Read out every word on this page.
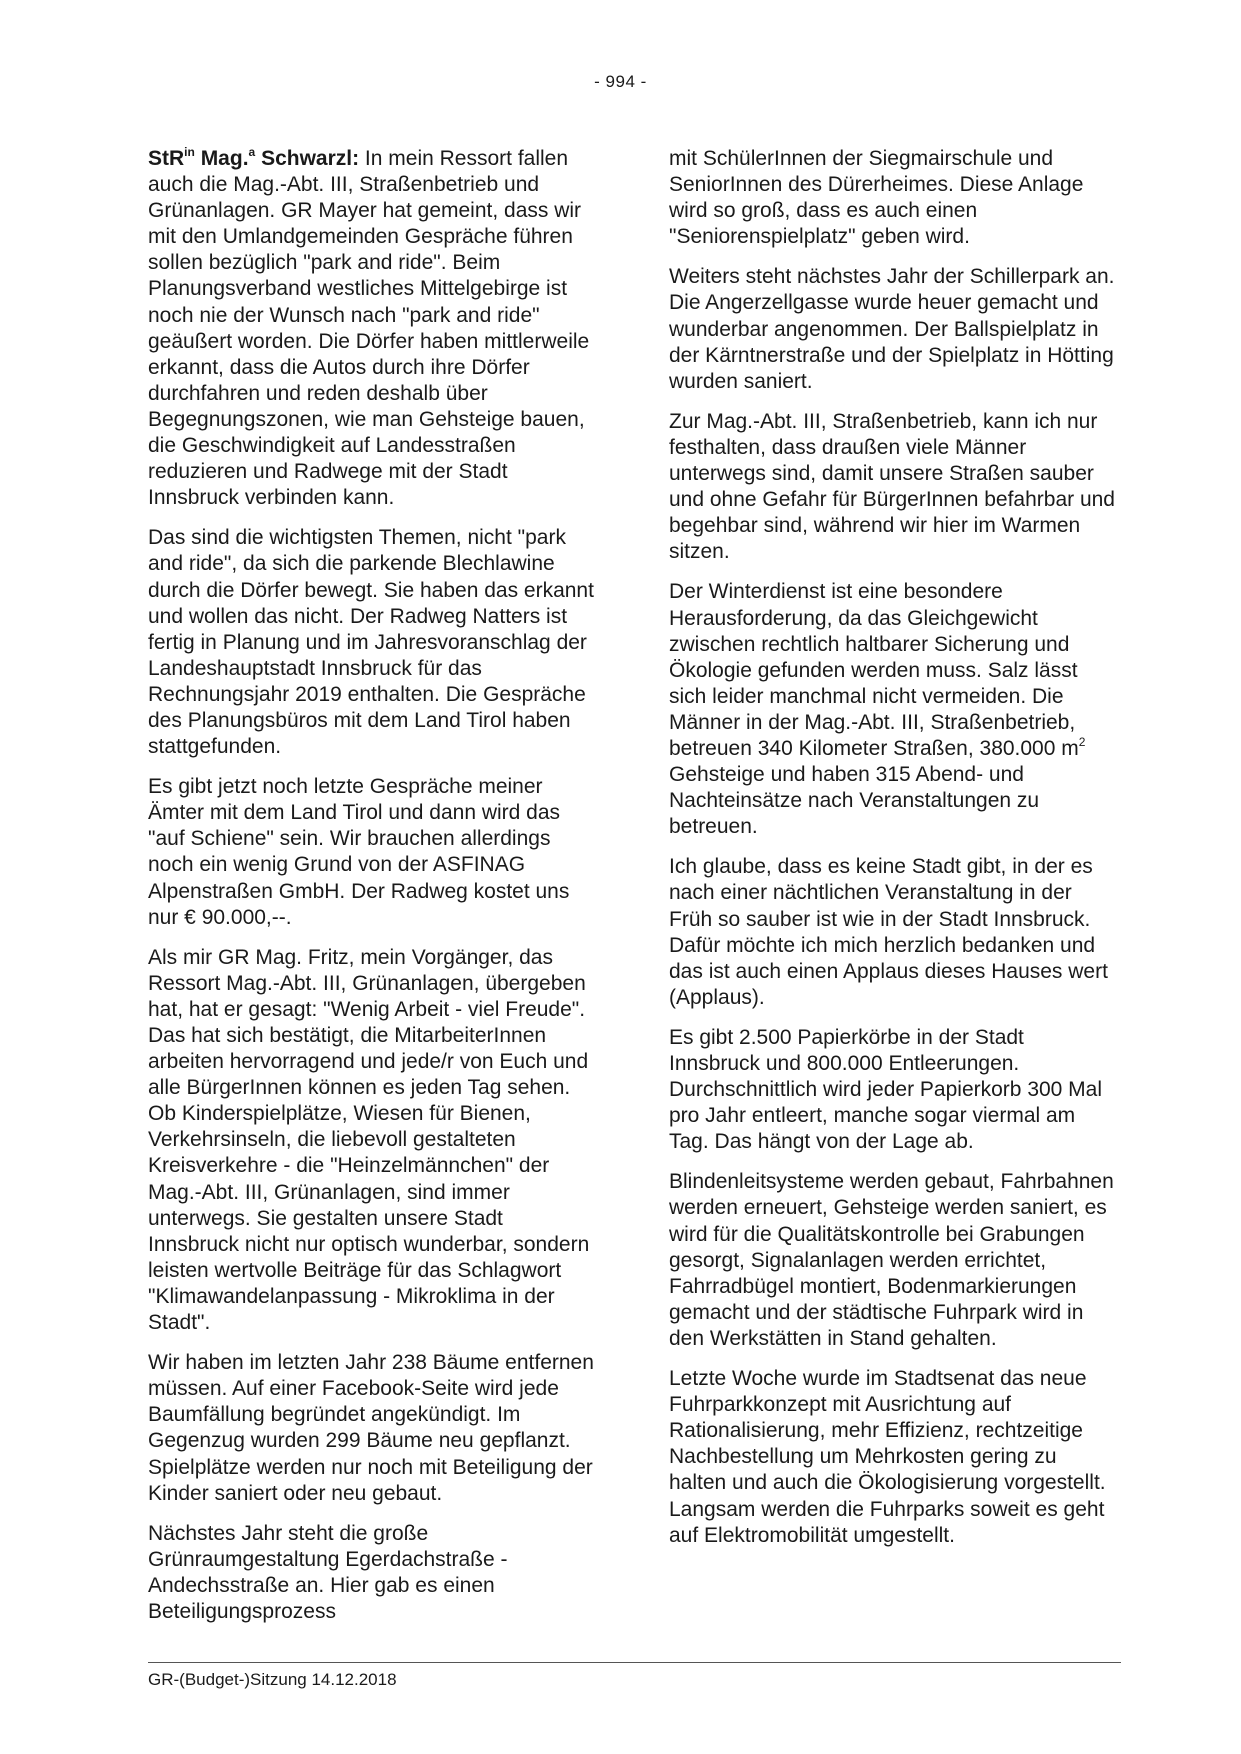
- 994 -

StR$^{in}$ Mag.$^a$ Schwarzl: In mein Ressort fallen auch die Mag.-Abt. III, Straßenbetrieb und Grünanlagen. GR Mayer hat gemeint, dass wir mit den Umlandgemeinden Gespräche führen sollen bezüglich "park and ride". Beim Planungsverband westliches Mittelgebirge ist noch nie der Wunsch nach "park and ride" geäußert worden. Die Dörfer haben mittlerweile erkannt, dass die Autos durch ihre Dörfer durchfahren und reden deshalb über Begegnungszonen, wie man Gehsteige bauen, die Geschwindigkeit auf Landesstraßen reduzieren und Radwege mit der Stadt Innsbruck verbinden kann.

Das sind die wichtigsten Themen, nicht "park and ride", da sich die parkende Blechlawine durch die Dörfer bewegt. Sie haben das erkannt und wollen das nicht. Der Radweg Natters ist fertig in Planung und im Jahresvoranschlag der Landeshauptstadt Innsbruck für das Rechnungsjahr 2019 enthalten. Die Gespräche des Planungsbüros mit dem Land Tirol haben stattgefunden.

Es gibt jetzt noch letzte Gespräche meiner Ämter mit dem Land Tirol und dann wird das "auf Schiene" sein. Wir brauchen allerdings noch ein wenig Grund von der ASFINAG Alpenstraßen GmbH. Der Radweg kostet uns nur € 90.000,--.

Als mir GR Mag. Fritz, mein Vorgänger, das Ressort Mag.-Abt. III, Grünanlagen, übergeben hat, hat er gesagt: "Wenig Arbeit - viel Freude". Das hat sich bestätigt, die MitarbeiterInnen arbeiten hervorragend und jede/r von Euch und alle BürgerInnen können es jeden Tag sehen. Ob Kinderspielplätze, Wiesen für Bienen, Verkehrsinseln, die liebevoll gestalteten Kreisverkehre - die "Heinzelmännchen" der Mag.-Abt. III, Grünanlagen, sind immer unterwegs. Sie gestalten unsere Stadt Innsbruck nicht nur optisch wunderbar, sondern leisten wertvolle Beiträge für das Schlagwort "Klimawandelanpassung - Mikroklima in der Stadt".

Wir haben im letzten Jahr 238 Bäume entfernen müssen. Auf einer Facebook-Seite wird jede Baumfällung begründet angekündigt. Im Gegenzug wurden 299 Bäume neu gepflanzt. Spielplätze werden nur noch mit Beteiligung der Kinder saniert oder neu gebaut.

Nächstes Jahr steht die große Grünraumgestaltung Egerdachstraße - Andechsstraße an. Hier gab es einen Beteiligungsprozess

mit SchülerInnen der Siegmairschule und SeniorInnen des Dürerheimes. Diese Anlage wird so groß, dass es auch einen "Seniorenspielplatz" geben wird.

Weiters steht nächstes Jahr der Schillerpark an. Die Angerzellgasse wurde heuer gemacht und wunderbar angenommen. Der Ballspielplatz in der Kärntnerstraße und der Spielplatz in Hötting wurden saniert.

Zur Mag.-Abt. III, Straßenbetrieb, kann ich nur festhalten, dass draußen viele Männer unterwegs sind, damit unsere Straßen sauber und ohne Gefahr für BürgerInnen befahrbar und begehbar sind, während wir hier im Warmen sitzen.

Der Winterdienst ist eine besondere Herausforderung, da das Gleichgewicht zwischen rechtlich haltbarer Sicherung und Ökologie gefunden werden muss. Salz lässt sich leider manchmal nicht vermeiden. Die Männer in der Mag.-Abt. III, Straßenbetrieb, betreuen 340 Kilometer Straßen, 380.000 $m^2$ Gehsteige und haben 315 Abend- und Nachteinsätze nach Veranstaltungen zu betreuen.

Ich glaube, dass es keine Stadt gibt, in der es nach einer nächtlichen Veranstaltung in der Früh so sauber ist wie in der Stadt Innsbruck. Dafür möchte ich mich herzlich bedanken und das ist auch einen Applaus dieses Hauses wert (Applaus).

Es gibt 2.500 Papierkörbe in der Stadt Innsbruck und 800.000 Entleerungen. Durchschnittlich wird jeder Papierkorb 300 Mal pro Jahr entleert, manche sogar viermal am Tag. Das hängt von der Lage ab.

Blindenleitsysteme werden gebaut, Fahrbahnen werden erneuert, Gehsteige werden saniert, es wird für die Qualitätskontrolle bei Grabungen gesorgt, Signalanlagen werden errichtet, Fahrradbügel montiert, Bodenmarkierungen gemacht und der städtische Fuhrpark wird in den Werkstätten in Stand gehalten.

Letzte Woche wurde im Stadtsenat das neue Fuhrparkkonzept mit Ausrichtung auf Rationalisierung, mehr Effizienz, rechtzeitige Nachbestellung um Mehrkosten gering zu halten und auch die Ökologisierung vorgestellt. Langsam werden die Fuhrparks soweit es geht auf Elektromobilität umgestellt.

GR-(Budget-)Sitzung 14.12.2018
